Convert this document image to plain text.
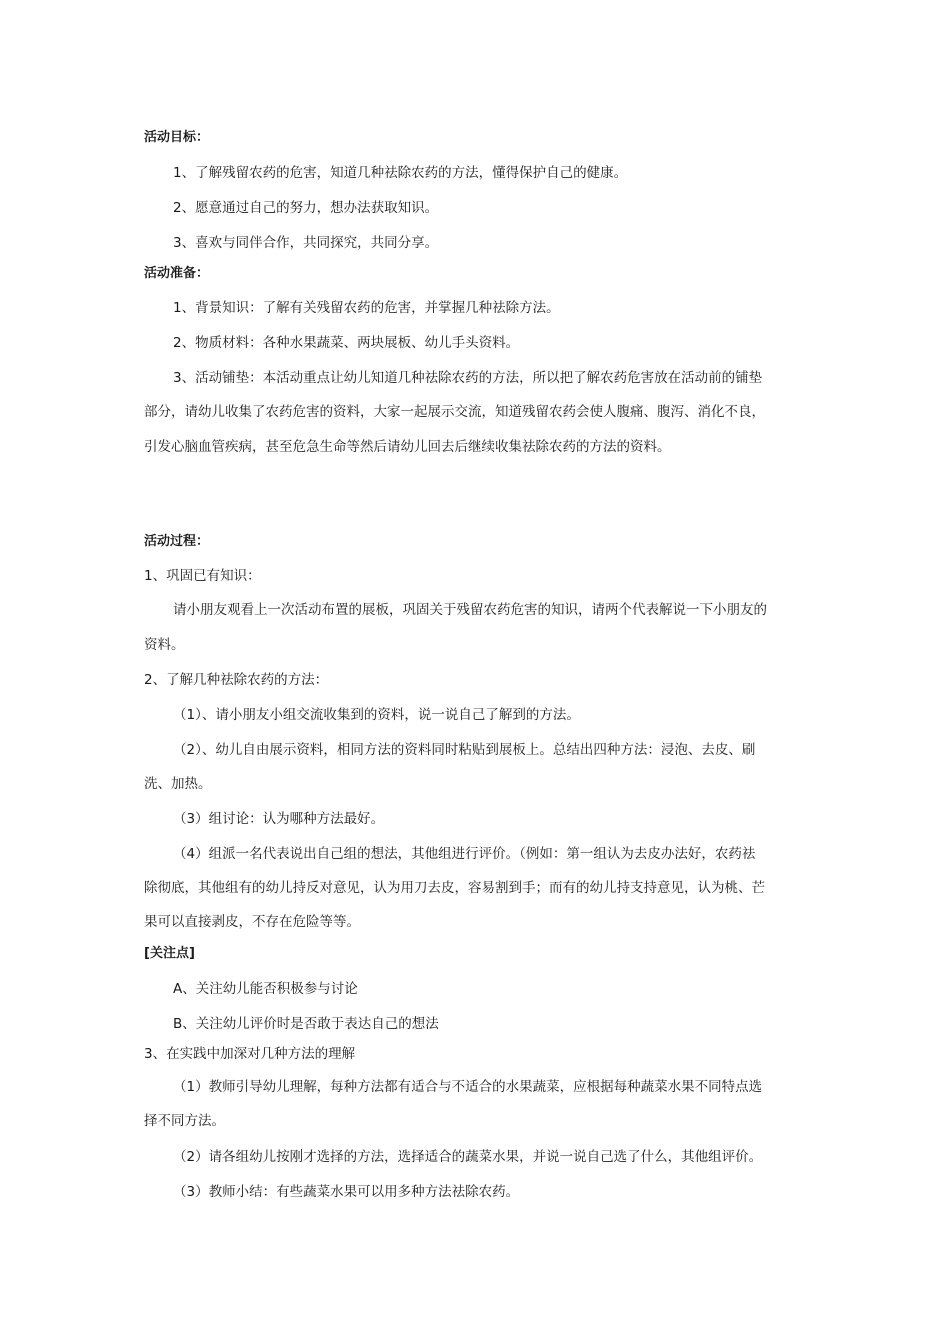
活动目标：
1、了解残留农药的危害，知道几种祛除农药的方法，懂得保护自己的健康。
2、愿意通过自己的努力，想办法获取知识。
3、喜欢与同伴合作，共同探究，共同分享。
活动准备：
1、背景知识：了解有关残留农药的危害，并掌握几种祛除方法。
2、物质材料：各种水果蔬菜、两块展板、幼儿手头资料。
3、活动铺垫：本活动重点让幼儿知道几种祛除农药的方法，所以把了解农药危害放在活动前的铺垫
部分，请幼儿收集了农药危害的资料，大家一起展示交流，知道残留农药会使人腹痛、腹泻、消化不良，
引发心脑血管疾病，甚至危急生命等然后请幼儿回去后继续收集祛除农药的方法的资料。
活动过程：
1、巩固已有知识：
请小朋友观看上一次活动布置的展板，巩固关于残留农药危害的知识，请两个代表解说一下小朋友的
资料。
2、了解几种祛除农药的方法：
（1）、请小朋友小组交流收集到的资料，说一说自己了解到的方法。
（2）、幼儿自由展示资料，相同方法的资料同时粘贴到展板上。总结出四种方法：浸泡、去皮、刷
洗、加热。
（3）组讨论：认为哪种方法最好。
（4）组派一名代表说出自己组的想法，其他组进行评价。（例如：第一组认为去皮办法好，农药祛
除彻底，其他组有的幼儿持反对意见，认为用刀去皮，容易割到手；而有的幼儿持支持意见，认为桃、芒
果可以直接剥皮，不存在危险等等。
[关注点]
A、关注幼儿能否积极参与讨论
B、关注幼儿评价时是否敢于表达自己的想法
3、在实践中加深对几种方法的理解
（1）教师引导幼儿理解，每种方法都有适合与不适合的水果蔬菜，应根据每种蔬菜水果不同特点选
择不同方法。
（2）请各组幼儿按刚才选择的方法，选择适合的蔬菜水果，并说一说自己选了什么，其他组评价。
（3）教师小结：有些蔬菜水果可以用多种方法祛除农药。
